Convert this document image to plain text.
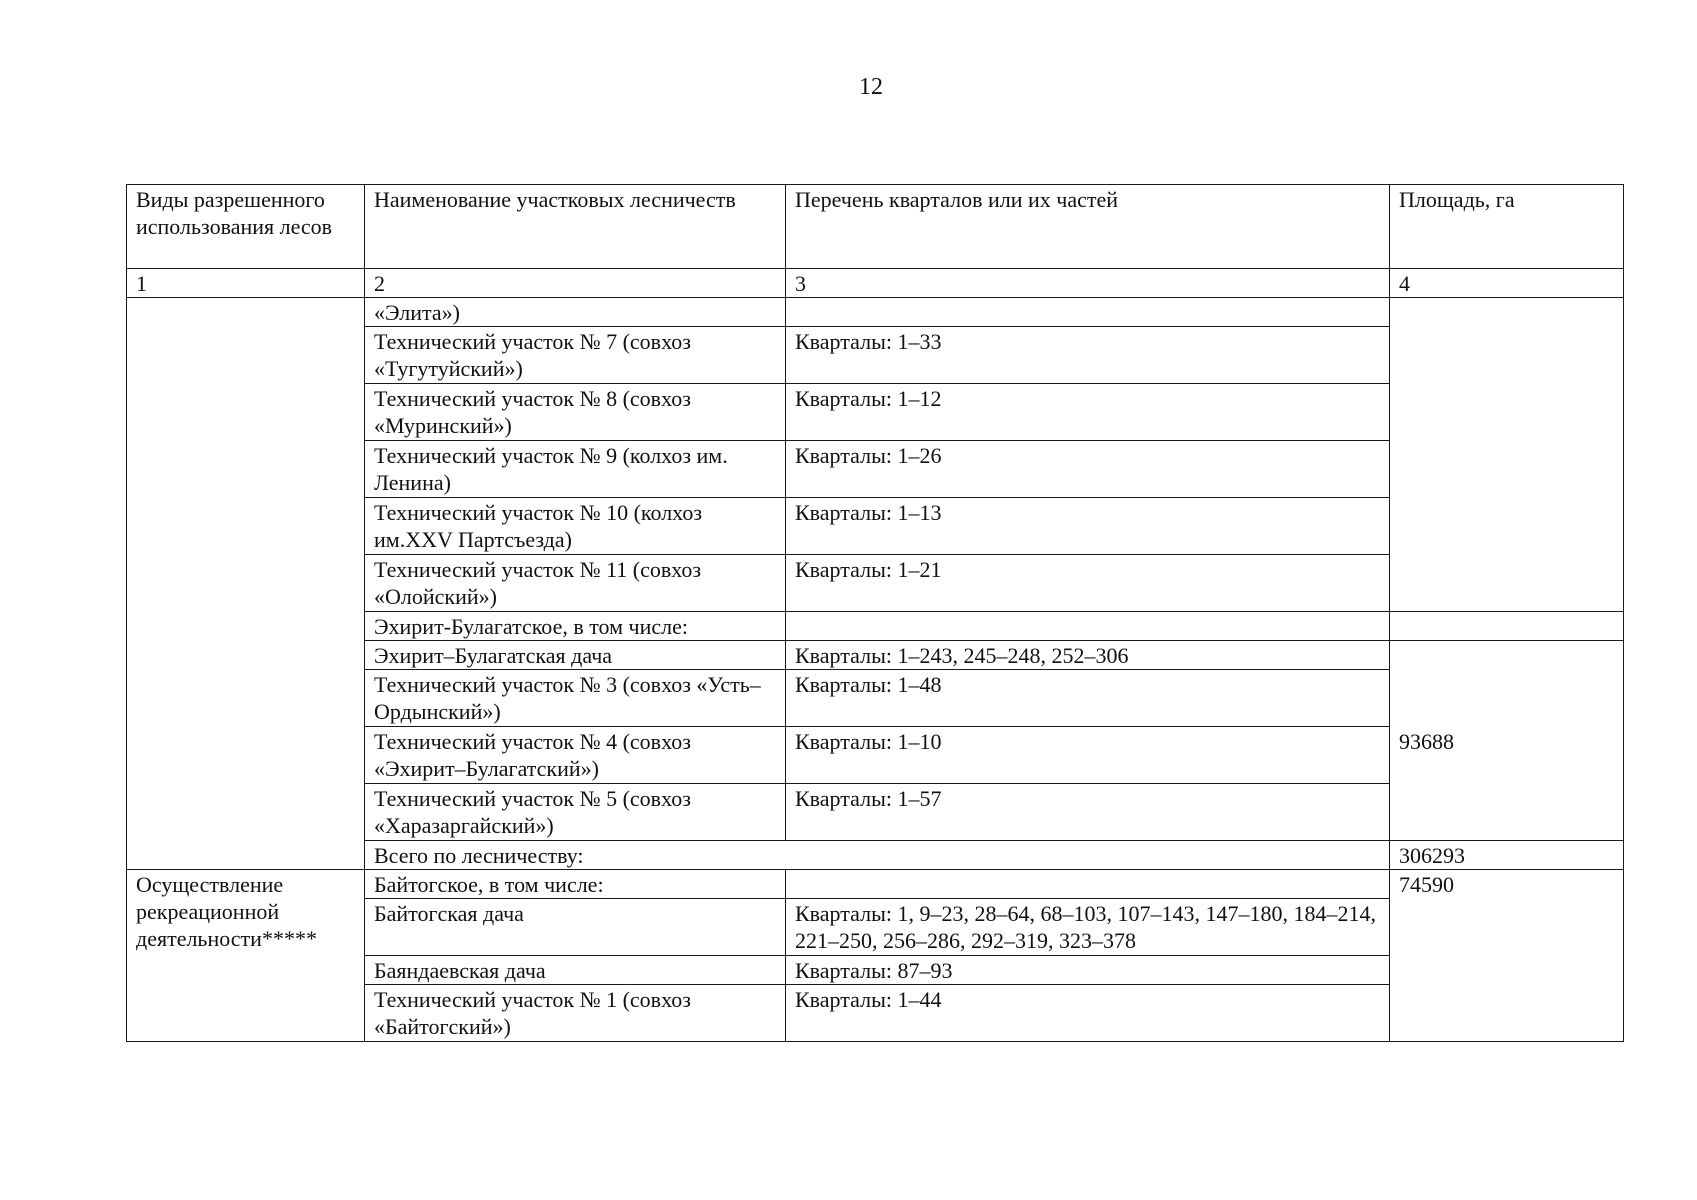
12
Виды разрешенного использования лесов	Наименование участковых лесничеств	Перечень кварталов или их частей	Площадь, га
1	2	3	4
	«Элита»)		
	Технический участок № 7 (совхоз «Тугутуйский»)	Кварталы: 1–33	
	Технический участок № 8 (совхоз «Муринский»)	Кварталы: 1–12	
	Технический участок № 9 (колхоз им. Ленина)	Кварталы: 1–26	
	Технический участок № 10 (колхоз им.XXV Партсъезда)	Кварталы: 1–13	
	Технический участок № 11 (совхоз «Олойский»)	Кварталы: 1–21	
	Эхирит-Булагатское, в том числе:		
	Эхирит–Булагатская дача	Кварталы: 1–243, 245–248, 252–306	93688
	Технический участок № 3 (совхоз «Усть–Ордынский»)	Кварталы: 1–48	
	Технический участок № 4 (совхоз «Эхирит–Булагатский»)	Кварталы: 1–10	
	Технический участок № 5 (совхоз «Харазаргайский»)	Кварталы: 1–57	
	Всего по лесничеству:		306293
Осуществление рекреационной деятельности*****	Байтогское, в том числе:		74590
	Байтогская дача	Кварталы: 1, 9–23, 28–64, 68–103, 107–143, 147–180, 184–214, 221–250, 256–286, 292–319, 323–378	
	Баяндаевская дача	Кварталы: 87–93	
	Технический участок № 1 (совхоз «Байтогский»)	Кварталы: 1–44	
